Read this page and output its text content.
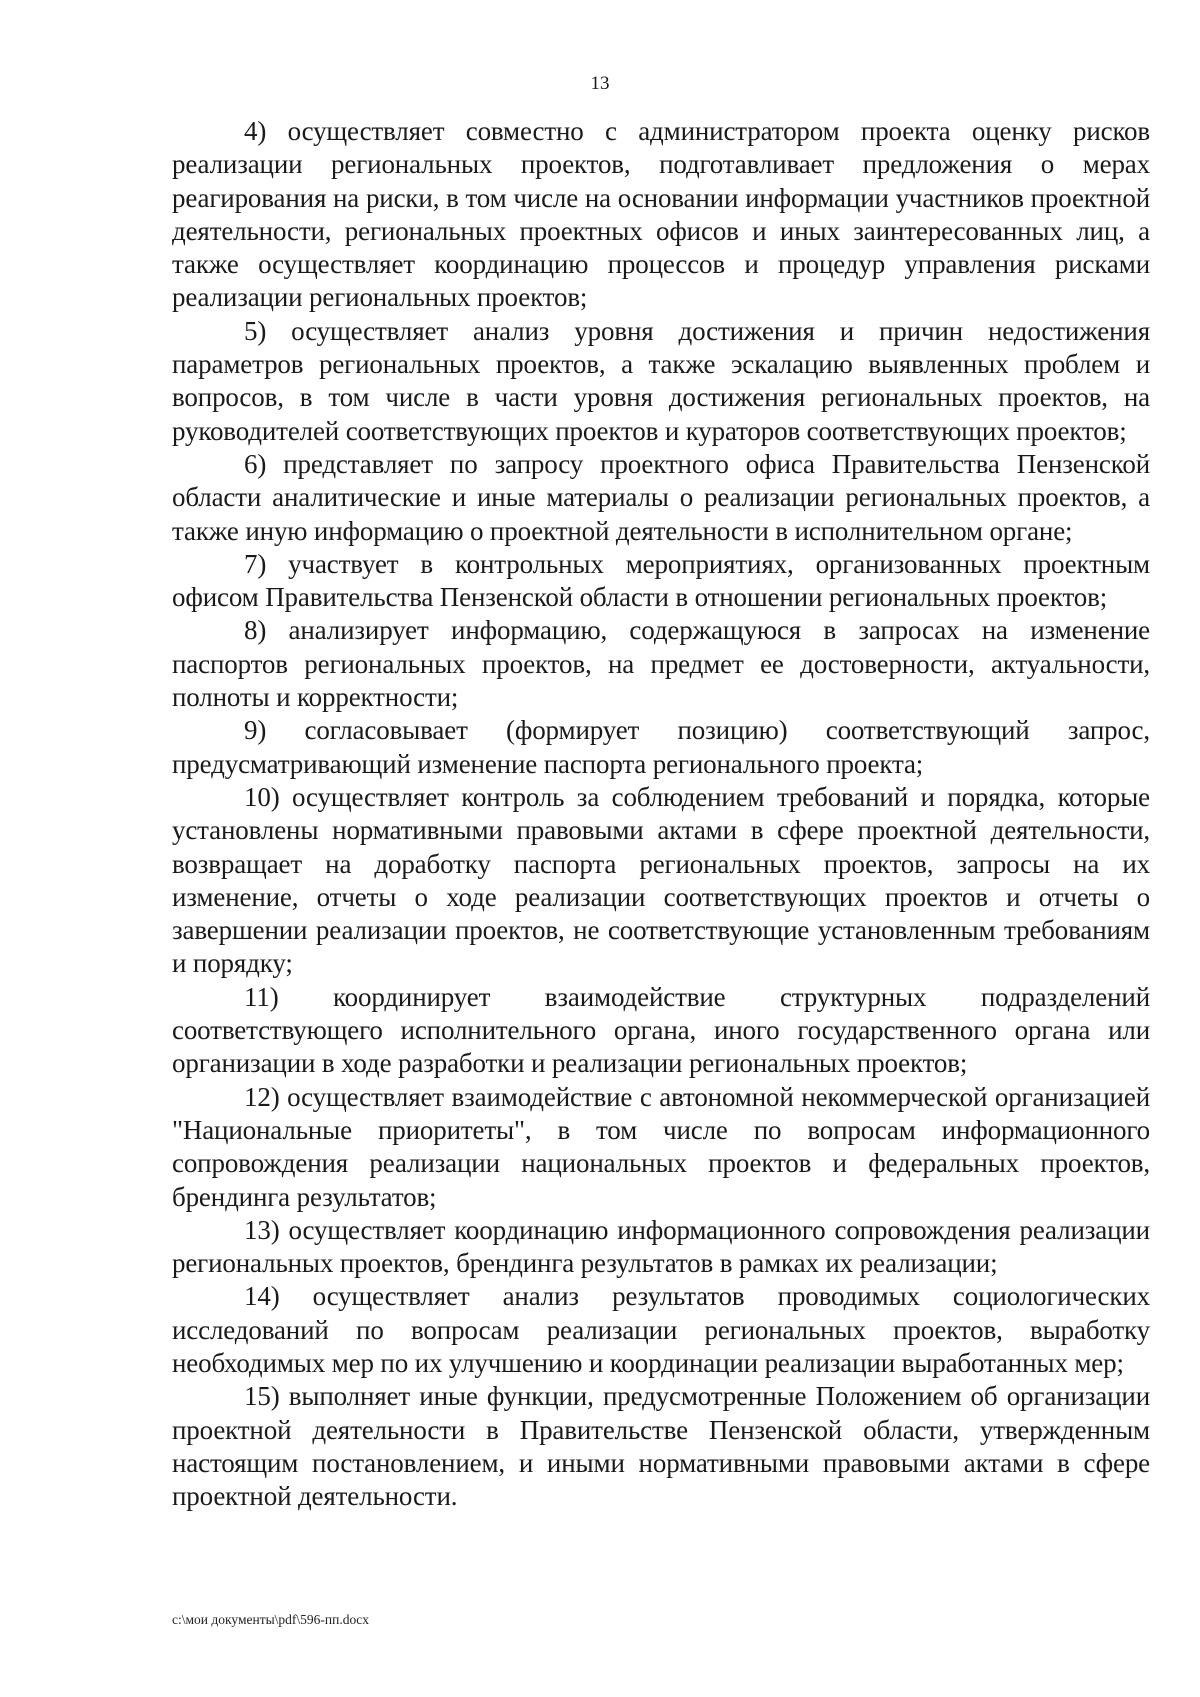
13

4) осуществляет совместно с администратором проекта оценку рисков реализации региональных проектов, подготавливает предложения о мерах реагирования на риски, в том числе на основании информации участников проектной деятельности, региональных проектных офисов и иных заинтересованных лиц, а также осуществляет координацию процессов и процедур управления рисками реализации региональных проектов;

5) осуществляет анализ уровня достижения и причин недостижения параметров региональных проектов, а также эскалацию выявленных проблем и вопросов, в том числе в части уровня достижения региональных проектов, на руководителей соответствующих проектов и кураторов соответствующих проектов;

6) представляет по запросу проектного офиса Правительства Пензенской области аналитические и иные материалы о реализации региональных проектов, а также иную информацию о проектной деятельности в исполнительном органе;

7) участвует в контрольных мероприятиях, организованных проектным офисом Правительства Пензенской области в отношении региональных проектов;

8) анализирует информацию, содержащуюся в запросах на изменение паспортов региональных проектов, на предмет ее достоверности, актуальности, полноты и корректности;

9) согласовывает (формирует позицию) соответствующий запрос, предусматривающий изменение паспорта регионального проекта;

10) осуществляет контроль за соблюдением требований и порядка, которые установлены нормативными правовыми актами в сфере проектной деятельности, возвращает на доработку паспорта региональных проектов, запросы на их изменение, отчеты о ходе реализации соответствующих проектов и отчеты о завершении реализации проектов, не соответствующие установленным требованиям и порядку;

11) координирует взаимодействие структурных подразделений соответствующего исполнительного органа, иного государственного органа или организации в ходе разработки и реализации региональных проектов;

12) осуществляет взаимодействие с автономной некоммерческой организацией "Национальные приоритеты", в том числе по вопросам информационного сопровождения реализации национальных проектов и федеральных проектов, брендинга результатов;

13) осуществляет координацию информационного сопровождения реализации региональных проектов, брендинга результатов в рамках их реализации;

14) осуществляет анализ результатов проводимых социологических исследований по вопросам реализации региональных проектов, выработку необходимых мер по их улучшению и координации реализации выработанных мер;

15) выполняет иные функции, предусмотренные Положением об организации проектной деятельности в Правительстве Пензенской области, утвержденным настоящим постановлением, и иными нормативными правовыми актами в сфере проектной деятельности.

c:\мои документы\pdf\596-пп.docx
